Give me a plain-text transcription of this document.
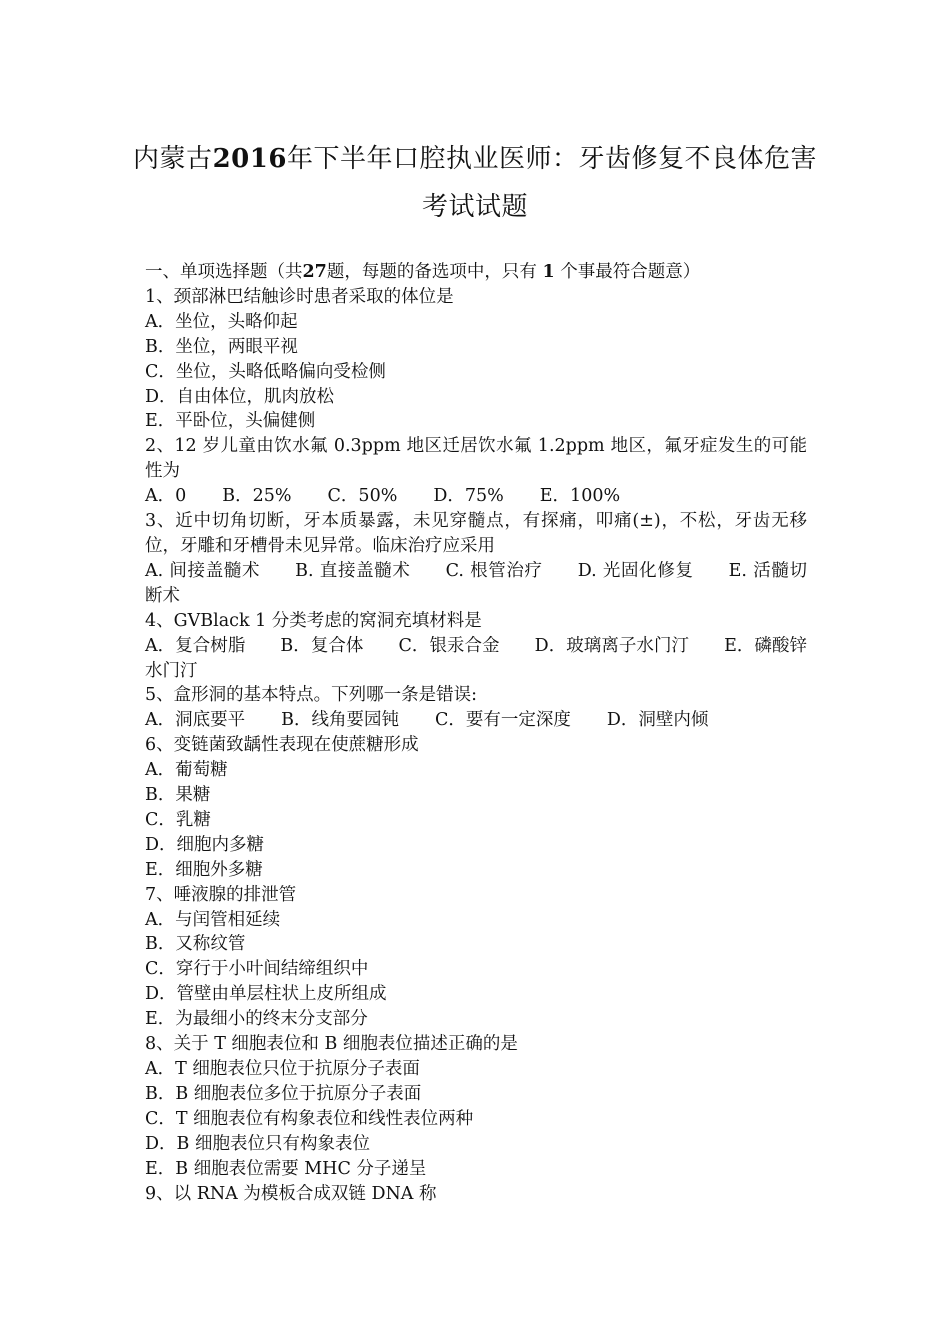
内蒙古2016年下半年口腔执业医师：牙齿修复不良体危害
考试试题
一、单项选择题（共27题，每题的备选项中，只有 1 个事最符合题意）
1、颈部淋巴结触诊时患者采取的体位是
A．坐位，头略仰起
B．坐位，两眼平视
C．坐位，头略低略偏向受检侧
D．自由体位，肌肉放松
E．平卧位，头偏健侧
2、12 岁儿童由饮水氟 0.3ppm 地区迁居饮水氟 1.2ppm 地区，氟牙症发生的可能性为
A．0 B．25% C．50% D．75% E．100%
3、近中切角切断，牙本质暴露，未见穿髓点，有探痛，叩痛(±)，不松，牙齿无移位，牙雕和牙槽骨未见异常。临床治疗应采用
A. 间接盖髓术   B. 直接盖髓术   C. 根管治疗   D. 光固化修复   E. 活髓切断术
4、GVBlack 1 分类考虑的窝洞充填材料是
A．复合树脂   B．复合体   C．银汞合金   D．玻璃离子水门汀   E．磷酸锌水门汀
5、盒形洞的基本特点。下列哪一条是错误:
A．洞底要平 B．线角要园钝 C．要有一定深度 D．洞壁内倾
6、变链菌致龋性表现在使蔗糖形成
A．葡萄糖
B．果糖
C．乳糖
D．细胞内多糖
E．细胞外多糖
7、唾液腺的排泄管
A．与闰管相延续
B．又称纹管
C．穿行于小叶间结缔组织中
D．管壁由单层柱状上皮所组成
E．为最细小的终末分支部分
8、关于 T 细胞表位和 B 细胞表位描述正确的是
A．T 细胞表位只位于抗原分子表面
B．B 细胞表位多位于抗原分子表面
C．T 细胞表位有构象表位和线性表位两种
D．B 细胞表位只有构象表位
E．B 细胞表位需要 MHC 分子递呈
9、以 RNA 为模板合成双链 DNA 称
